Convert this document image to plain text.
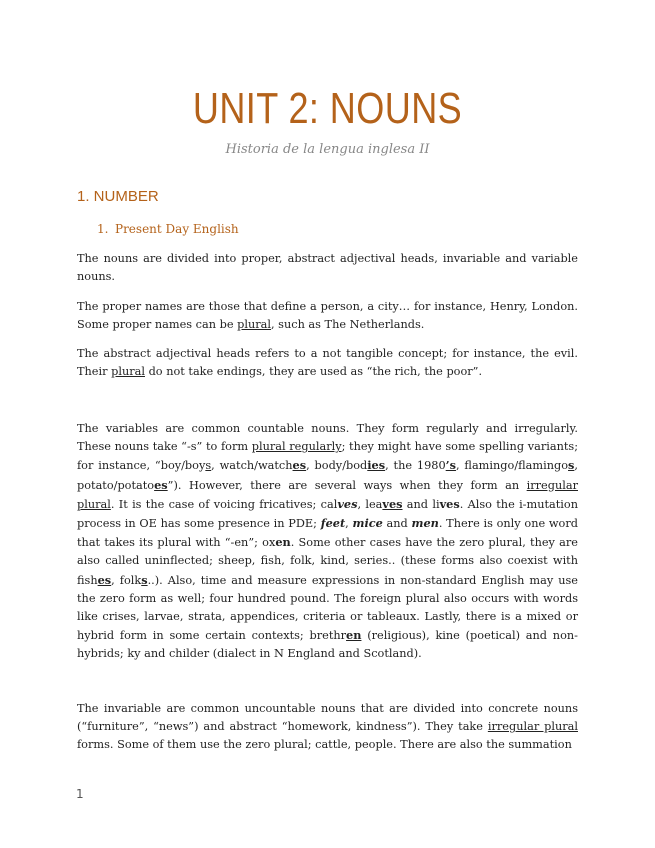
UNIT 2: NOUNS
Historia de la lengua inglesa II
1. NUMBER
1. Present Day English

The nouns are divided into proper, abstract adjectival heads, invariable and variable nouns.

The proper names are those that define a person, a city… for instance, Henry, London. Some proper names can be plural, such as The Netherlands.

The abstract adjectival heads refers to a not tangible concept; for instance, the evil. Their plural do not take endings, they are used as “the rich, the poor”.

The variables are common countable nouns. They form regularly and irregularly. These nouns take “-s” to form plural regularly; they might have some spelling variants; for instance, “boy/boys, watch/watches, body/bodies, the 1980’s, flamingo/flamingos, potato/potatoes”). However, there are several ways when they form an irregular plural. It is the case of voicing fricatives; calves, leaves and lives. Also the i-mutation process in OE has some presence in PDE; feet, mice and men. There is only one word that takes its plural with “-en”; oxen. Some other cases have the zero plural, they are also called uninflected; sheep, fish, folk, kind, series.. (these forms also coexist with fishes, folks..). Also, time and measure expressions in non-standard English may use the zero form as well; four hundred pound. The foreign plural also occurs with words like crises, larvae, strata, appendices, criteria or tableaux. Lastly, there is a mixed or hybrid form in some certain contexts; brethren (religious), kine (poetical) and non-hybrids; ky and childer (dialect in N England and Scotland).

The invariable are common uncountable nouns that are divided into concrete nouns (“furniture”, “news”) and abstract “homework, kindness”). They take irregular plural forms. Some of them use the zero plural; cattle, people. There are also the summation

1
